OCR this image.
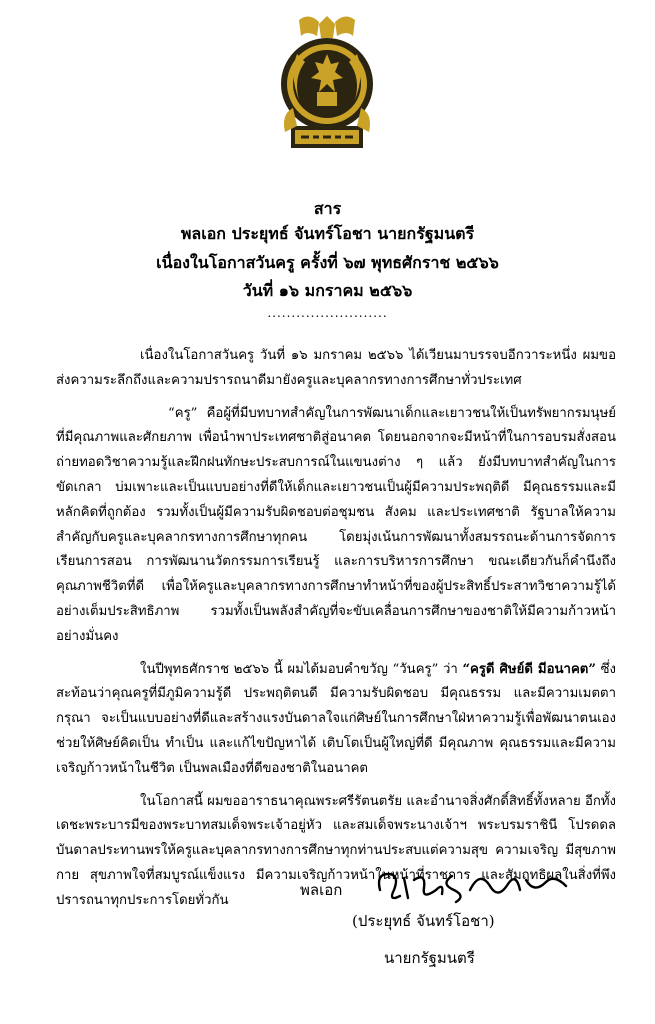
สาร
พลเอก ประยุทธ์ จันทร์โอชา นายกรัฐมนตรี
เนื่องในโอกาสวันครู ครั้งที่ ๖๗ พุทธศักราช ๒๕๖๖
วันที่ ๑๖ มกราคม ๒๕๖๖
.........................

เนื่องในโอกาสวันครู วันที่ ๑๖ มกราคม ๒๕๖๖ ได้เวียนมาบรรจบอีกวาระหนึ่ง ผมขอส่งความระลึกถึงและความปรารถนาดีมายังครูและบุคลากรทางการศึกษาทั่วประเทศ

“ครู” คือผู้ที่มีบทบาทสำคัญในการพัฒนาเด็กและเยาวชนให้เป็นทรัพยากรมนุษย์ที่มีคุณภาพและศักยภาพ เพื่อนำพาประเทศชาติสู่อนาคต โดยนอกจากจะมีหน้าที่ในการอบรมสั่งสอน ถ่ายทอดวิชาความรู้และฝึกฝนทักษะประสบการณ์ในแขนงต่าง ๆ แล้ว ยังมีบทบาทสำคัญในการขัดเกลา บ่มเพาะและเป็นแบบอย่างที่ดีให้เด็กและเยาวชนเป็นผู้มีความประพฤติดี มีคุณธรรมและมีหลักคิดที่ถูกต้อง รวมทั้งเป็นผู้มีความรับผิดชอบต่อชุมชน สังคม และประเทศชาติ รัฐบาลให้ความสำคัญกับครูและบุคลากรทางการศึกษาทุกคน โดยมุ่งเน้นการพัฒนาทั้งสมรรถนะด้านการจัดการเรียนการสอน การพัฒนานวัตกรรมการเรียนรู้ และการบริหารการศึกษา ขณะเดียวกันก็คำนึงถึงคุณภาพชีวิตที่ดี เพื่อให้ครูและบุคลากรทางการศึกษาทำหน้าที่ของผู้ประสิทธิ์ประสาทวิชาความรู้ได้อย่างเต็มประสิทธิภาพ รวมทั้งเป็นพลังสำคัญที่จะขับเคลื่อนการศึกษาของชาติให้มีความก้าวหน้าอย่างมั่นคง

ในปีพุทธศักราช ๒๕๖๖ นี้ ผมได้มอบคำขวัญ “วันครู” ว่า “ครูดี ศิษย์ดี มีอนาคต” ซึ่งสะท้อนว่าคุณครูที่มีภูมิความรู้ดี ประพฤติตนดี มีความรับผิดชอบ มีคุณธรรม และมีความเมตตากรุณา จะเป็นแบบอย่างที่ดีและสร้างแรงบันดาลใจแก่ศิษย์ในการศึกษาใฝ่หาความรู้เพื่อพัฒนาตนเอง ช่วยให้ศิษย์คิดเป็น ทำเป็น และแก้ไขปัญหาได้ เติบโตเป็นผู้ใหญ่ที่ดี มีคุณภาพ คุณธรรมและมีความเจริญก้าวหน้าในชีวิต เป็นพลเมืองที่ดีของชาติในอนาคต

ในโอกาสนี้ ผมขออาราธนาคุณพระศรีรัตนตรัย และอำนาจสิ่งศักดิ์สิทธิ์ทั้งหลาย อีกทั้งเดชะพระบารมีของพระบาทสมเด็จพระเจ้าอยู่หัว และสมเด็จพระนางเจ้าฯ พระบรมราชินี โปรดดลบันดาลประทานพรให้ครูและบุคลากรทางการศึกษาทุกท่านประสบแต่ความสุข ความเจริญ มีสุขภาพกาย สุขภาพใจที่สมบูรณ์แข็งแรง มีความเจริญก้าวหน้าในหน้าที่ราชการ และสัมฤทธิผลในสิ่งที่พึงปรารถนาทุกประการโดยทั่วกัน

พลเอก
(ประยุทธ์ จันทร์โอชา)
นายกรัฐมนตรี
